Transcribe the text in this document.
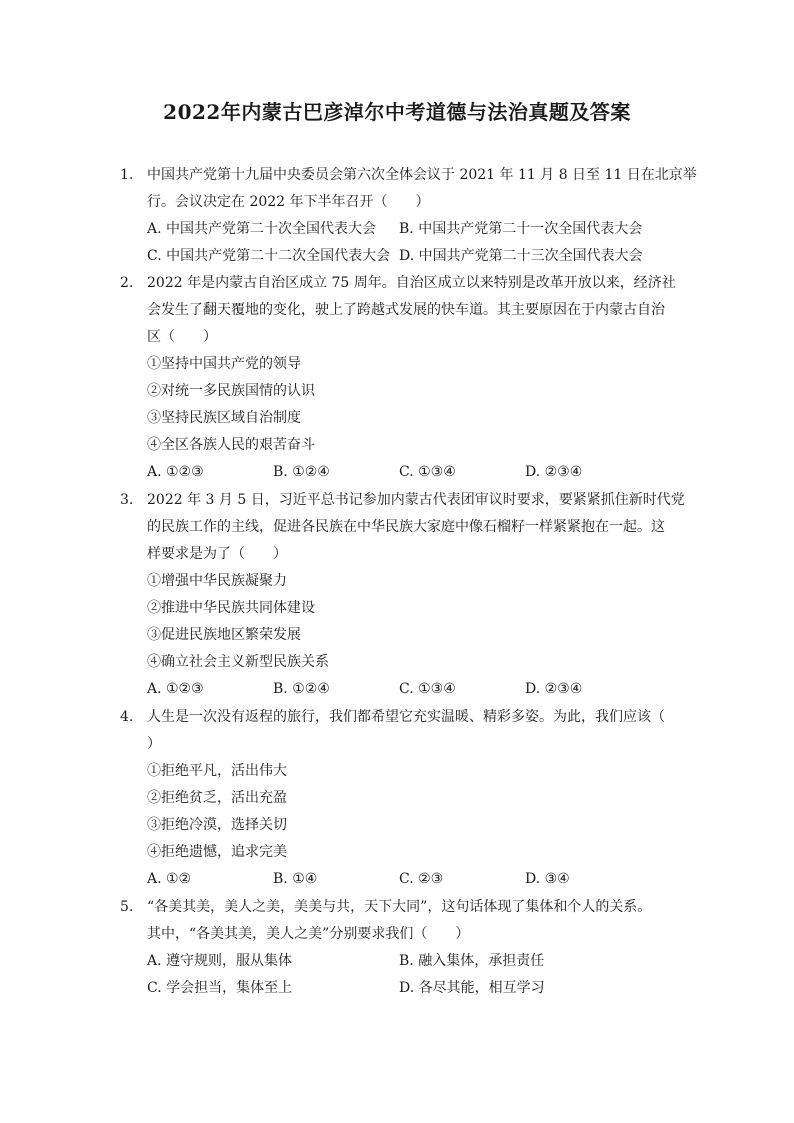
2022年内蒙古巴彦淖尔中考道德与法治真题及答案
1. 中国共产党第十九届中央委员会第六次全体会议于 2021 年 11 月 8 日至 11 日在北京举
行。会议决定在 2022 年下半年召开（　　）
A. 中国共产党第二十次全国代表大会	B. 中国共产党第二十一次全国代表大会
C. 中国共产党第二十二次全国代表大会 D. 中国共产党第二十三次全国代表大会
2. 2022 年是内蒙古自治区成立 75 周年。自治区成立以来特别是改革开放以来，经济社
会发生了翻天覆地的变化，驶上了跨越式发展的快车道。其主要原因在于内蒙古自治
区（　　）
①坚持中国共产党的领导
②对统一多民族国情的认识
③坚持民族区域自治制度
④全区各族人民的艰苦奋斗
A. ①②③	B. ①②④	C. ①③④	D. ②③④
3. 2022 年 3 月 5 日，习近平总书记参加内蒙古代表团审议时要求，要紧紧抓住新时代党
的民族工作的主线，促进各民族在中华民族大家庭中像石榴籽一样紧紧抱在一起。这
样要求是为了（　　）
①增强中华民族凝聚力
②推进中华民族共同体建设
③促进民族地区繁荣发展
④确立社会主义新型民族关系
A. ①②③	B. ①②④	C. ①③④	D. ②③④
4. 人生是一次没有返程的旅行，我们都希望它充实温暖、精彩多姿。为此，我们应该（
）
①拒绝平凡，活出伟大
②拒绝贫乏，活出充盈
③拒绝冷漠，选择关切
④拒绝遗憾，追求完美
A. ①②	B. ①④	C. ②③	D. ③④
5. “各美其美，美人之美，美美与共，天下大同”，这句话体现了集体和个人的关系。
其中，“各美其美，美人之美”分别要求我们（　　）
A. 遵守规则，服从集体	B. 融入集体，承担责任
C. 学会担当，集体至上	D. 各尽其能，相互学习
